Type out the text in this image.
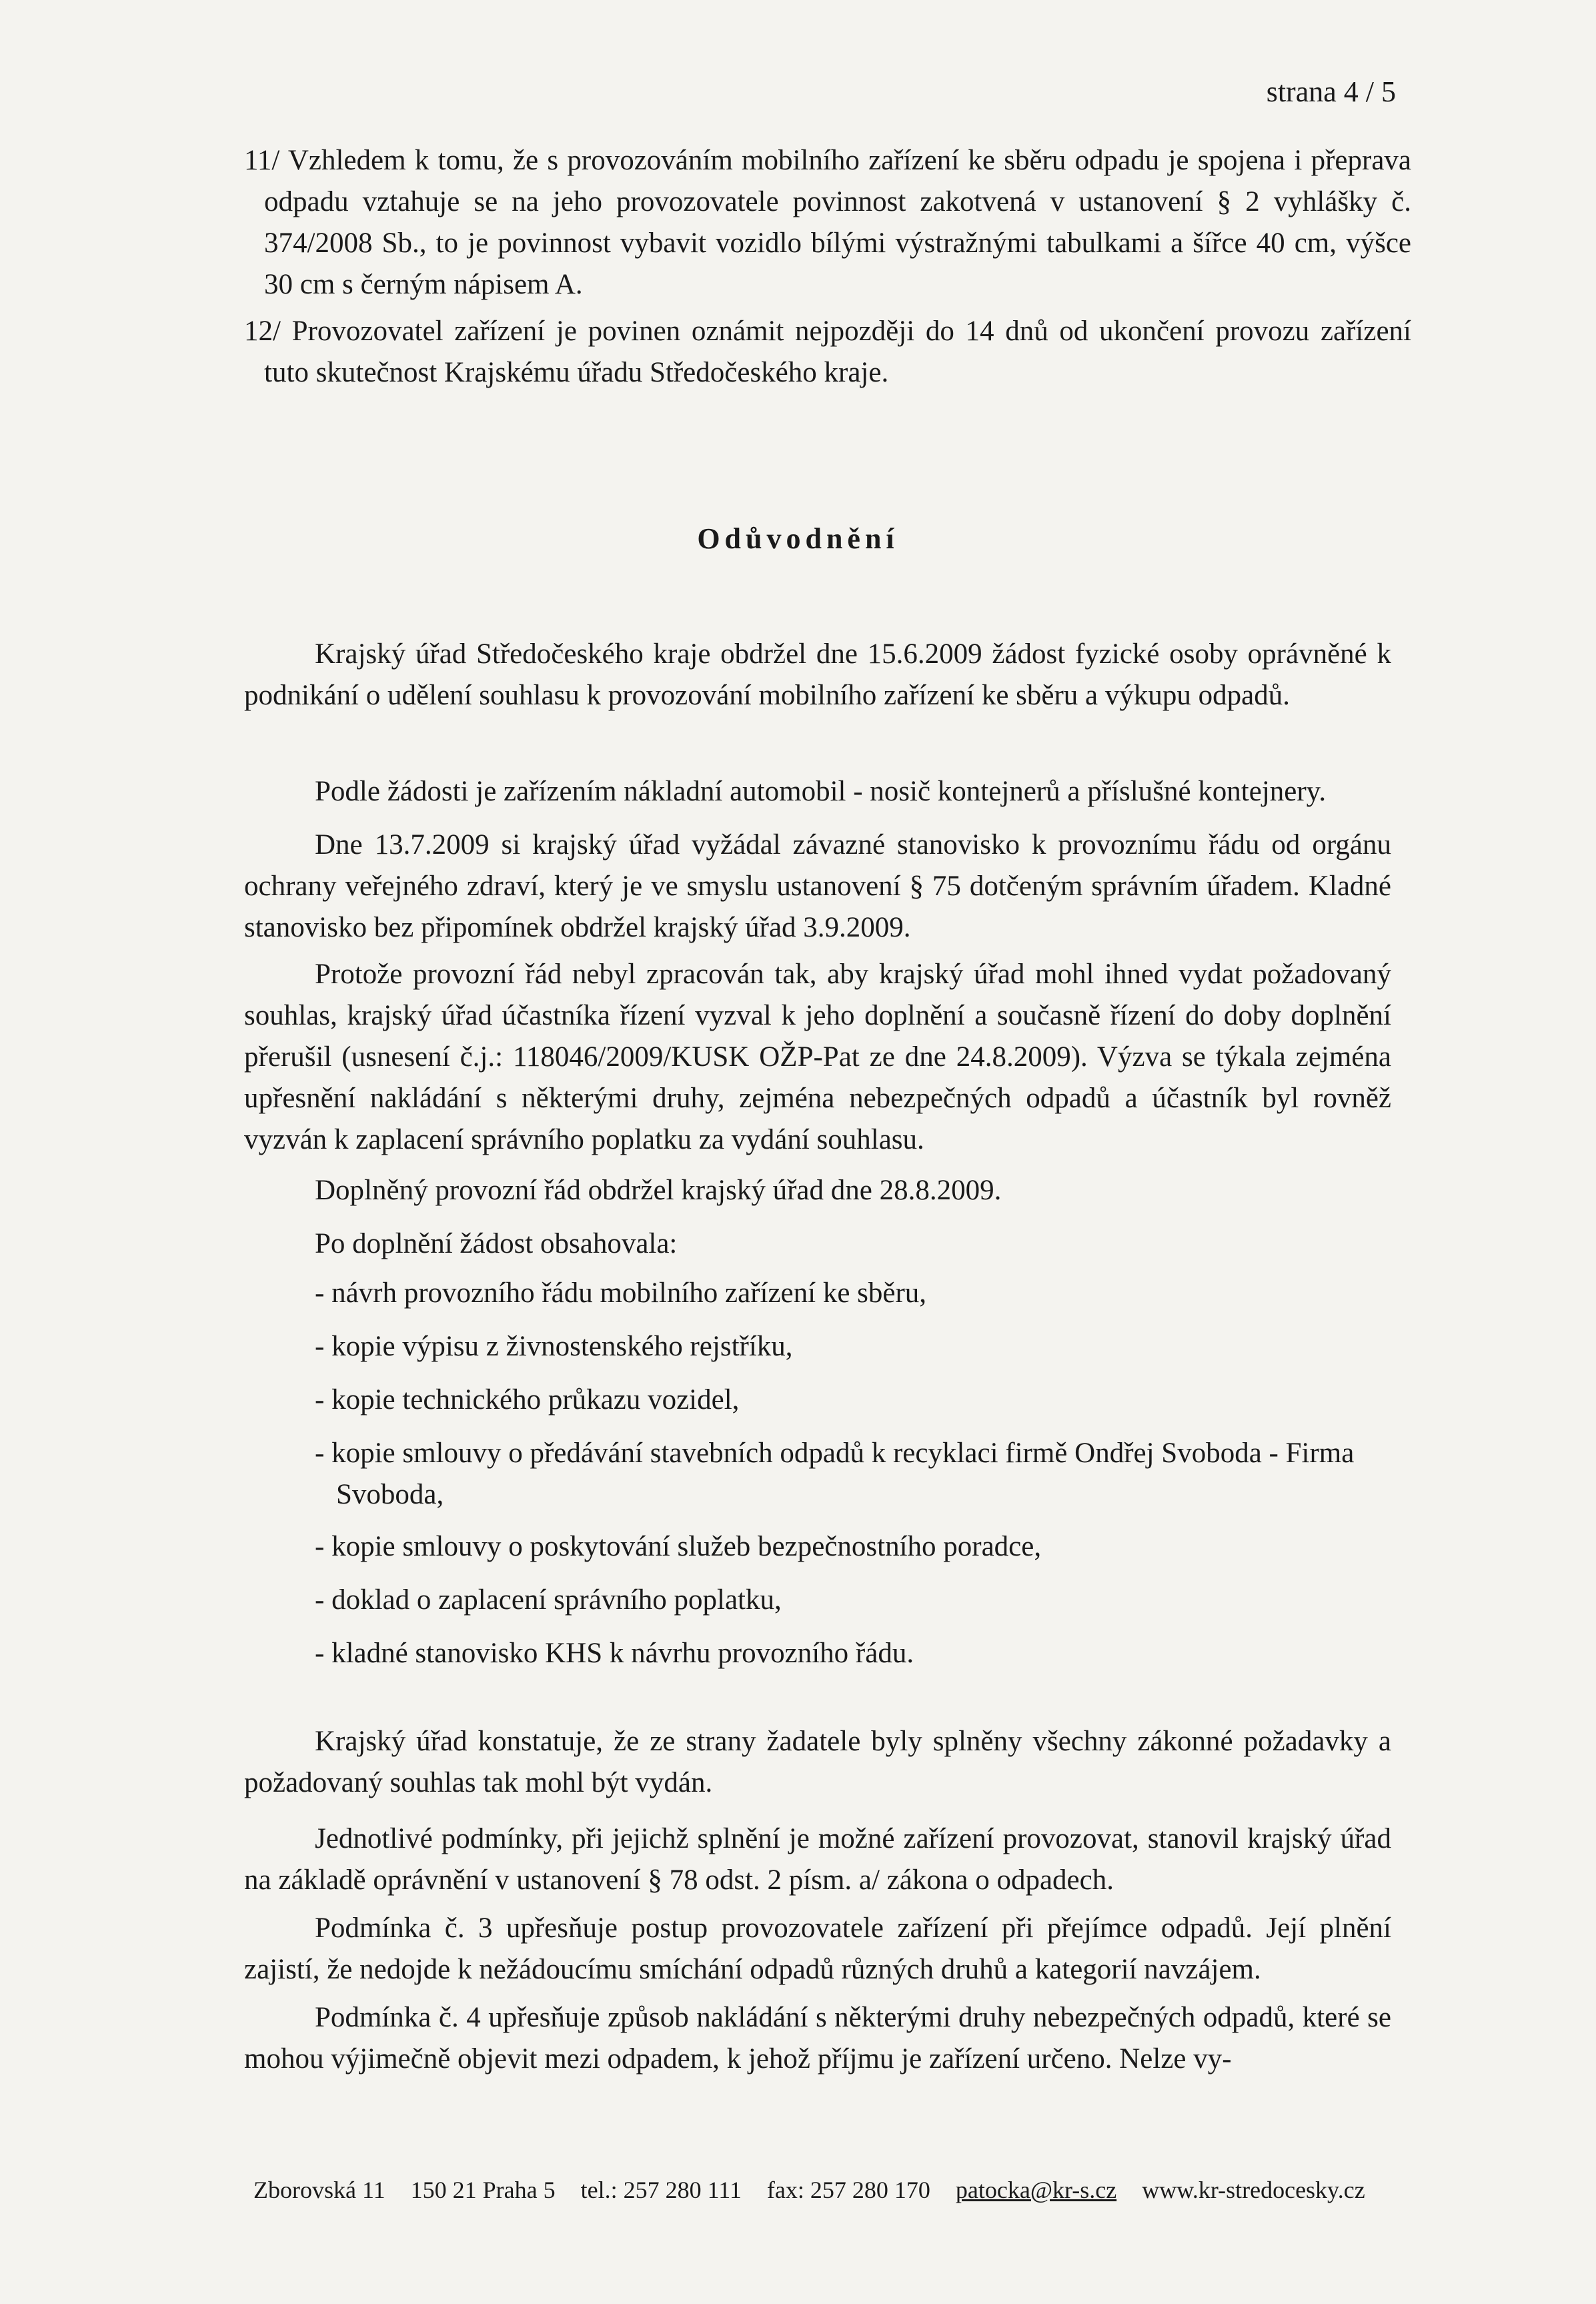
strana 4 / 5

11/ Vzhledem k tomu, že s provozováním mobilního zařízení ke sběru odpadu je spojena i přeprava odpadu vztahuje se na jeho provozovatele povinnost zakotvená v ustanovení § 2 vyhlášky č. 374/2008 Sb., to je povinnost vybavit vozidlo bílými výstražnými tabulkami a šířce 40 cm, výšce 30 cm s černým nápisem A.

12/ Provozovatel zařízení je povinen oznámit nejpozději do 14 dnů od ukončení provozu zařízení tuto skutečnost Krajskému úřadu Středočeského kraje.

Odůvodnění

Krajský úřad Středočeského kraje obdržel dne 15.6.2009 žádost fyzické osoby oprávněné k podnikání o udělení souhlasu k provozování mobilního zařízení ke sběru a výkupu odpadů.

Podle žádosti je zařízením nákladní automobil - nosič kontejnerů a příslušné kontejnery.

Dne 13.7.2009 si krajský úřad vyžádal závazné stanovisko k provoznímu řádu od orgánu ochrany veřejného zdraví, který je ve smyslu ustanovení § 75 dotčeným správním úřadem. Kladné stanovisko bez připomínek obdržel krajský úřad 3.9.2009.

Protože provozní řád nebyl zpracován tak, aby krajský úřad mohl ihned vydat požadovaný souhlas, krajský úřad účastníka řízení vyzval k jeho doplnění a současně řízení do doby doplnění přerušil (usnesení č.j.: 118046/2009/KUSK OŽP-Pat ze dne 24.8.2009). Výzva se týkala zejména upřesnění nakládání s některými druhy, zejména nebezpečných odpadů a účastník byl rovněž vyzván k zaplacení správního poplatku za vydání souhlasu.

Doplněný provozní řád obdržel krajský úřad dne 28.8.2009.

Po doplnění žádost obsahovala:

- návrh provozního řádu mobilního zařízení ke sběru,

- kopie výpisu z živnostenského rejstříku,

- kopie technického průkazu vozidel,

- kopie smlouvy o předávání stavebních odpadů k recyklaci firmě Ondřej Svoboda - Firma Svoboda,

- kopie smlouvy o poskytování služeb bezpečnostního poradce,

- doklad o zaplacení správního poplatku,

- kladné stanovisko KHS k návrhu provozního řádu.

Krajský úřad konstatuje, že ze strany žadatele byly splněny všechny zákonné požadavky a požadovaný souhlas tak mohl být vydán.

Jednotlivé podmínky, při jejichž splnění je možné zařízení provozovat, stanovil krajský úřad na základě oprávnění v ustanovení § 78 odst. 2 písm. a/ zákona o odpadech.

Podmínka č. 3 upřesňuje postup provozovatele zařízení při přejímce odpadů. Její plnění zajistí, že nedojde k nežádoucímu smíchání odpadů různých druhů a kategorií navzájem.

Podmínka č. 4 upřesňuje způsob nakládání s některými druhy nebezpečných odpadů, které se mohou výjimečně objevit mezi odpadem, k jehož příjmu je zařízení určeno. Nelze vy-

Zborovská 11 150 21 Praha 5 tel.: 257 280 111 fax: 257 280 170 patocka@kr-s.cz www.kr-stredocesky.cz
